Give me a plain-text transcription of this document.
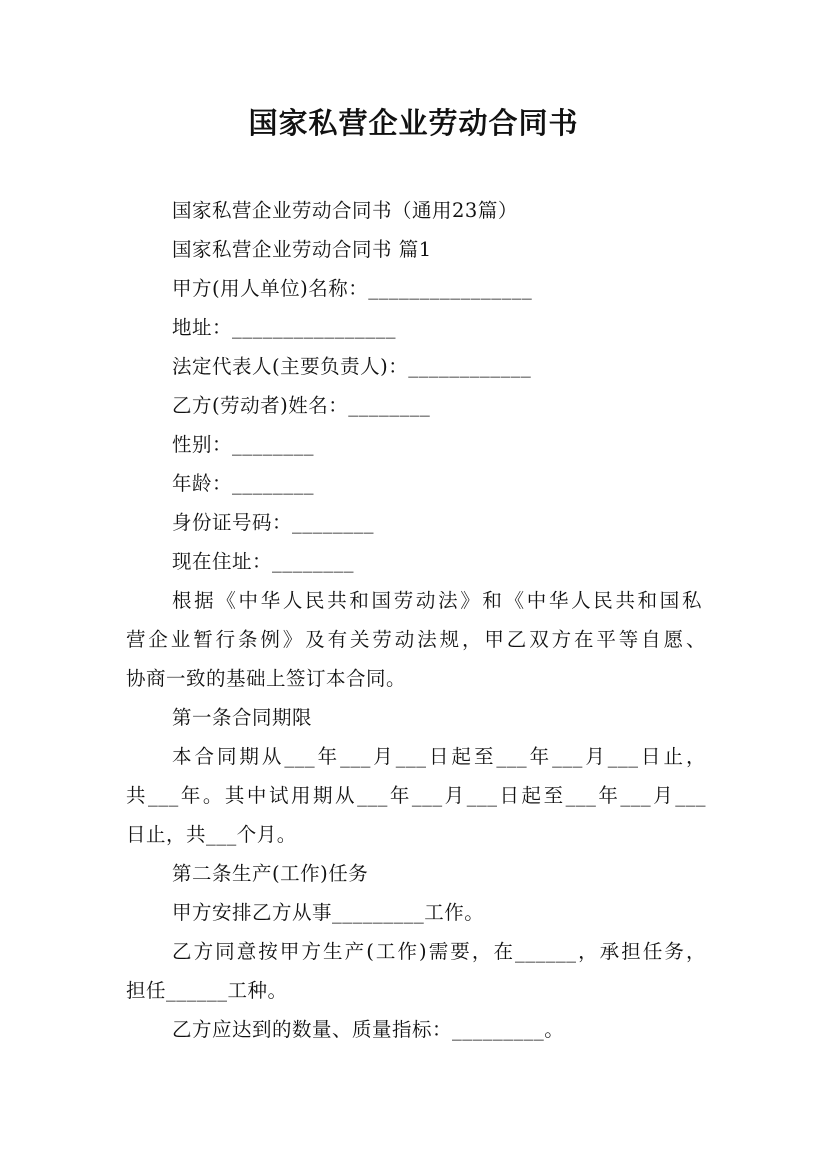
国家私营企业劳动合同书
国家私营企业劳动合同书（通用23篇）
国家私营企业劳动合同书 篇1
甲方(用人单位)名称：________________
地址：________________
法定代表人(主要负责人)：____________
乙方(劳动者)姓名：________
性别：________
年龄：________
身份证号码：________
现在住址：________
根据《中华人民共和国劳动法》和《中华人民共和国私
营企业暂行条例》及有关劳动法规，甲乙双方在平等自愿、
协商一致的基础上签订本合同。
第一条合同期限
本合同期从___年___月___日起至___年___月___日止，
共___年。其中试用期从___年___月___日起至___年___月___
日止，共___个月。
第二条生产(工作)任务
甲方安排乙方从事_________工作。
乙方同意按甲方生产(工作)需要，在______，承担任务，
担任______工种。
乙方应达到的数量、质量指标：_________。
